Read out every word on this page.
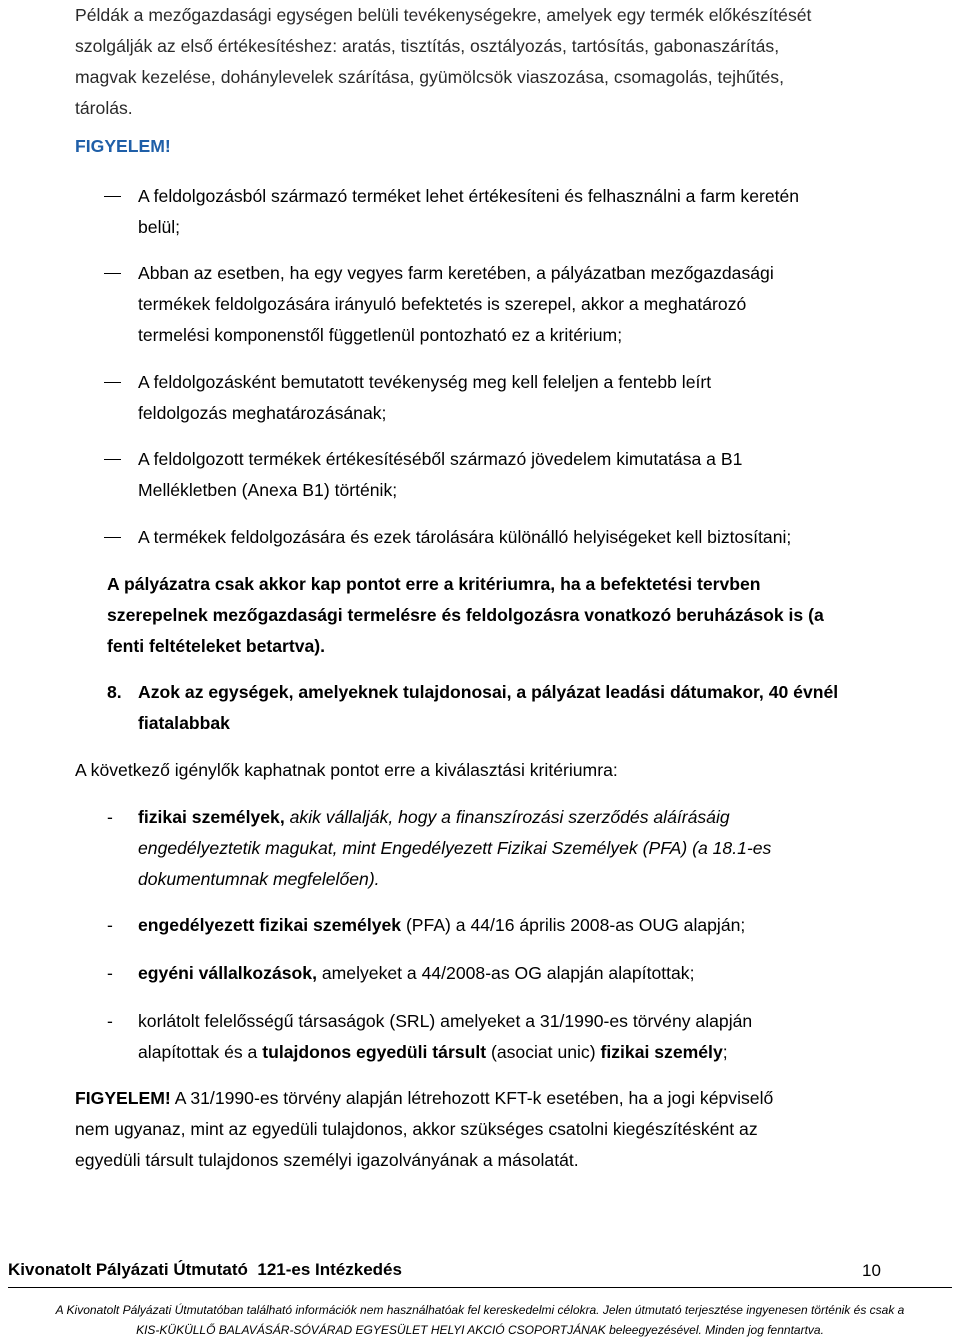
Példák a mezőgazdasági egységen belüli tevékenységekre, amelyek egy termék előkészítését
szolgálják az első értékesítéshez: aratás, tisztítás, osztályozás, tartósítás, gabonaszárítás,
magvak kezelése, dohánylevelek szárítása, gyümölcsök viaszozása, csomagolás, tejhűtés,
tárolás.
FIGYELEM!
A feldolgozásból származó terméket lehet értékesíteni és felhasználni a farm keretén
belül;
Abban az esetben, ha egy vegyes farm keretében, a pályázatban mezőgazdasági
termékek feldolgozására irányuló befektetés is szerepel, akkor a meghatározó
termelési komponenstől függetlenül pontozható ez a kritérium;
A feldolgozásként bemutatott tevékenység meg kell feleljen a fentebb leírt
feldolgozás meghatározásának;
A feldolgozott termékek értékesítéséből származó jövedelem kimutatása a B1
Mellékletben (Anexa B1) történik;
A termékek feldolgozására és ezek tárolására különálló helyiségeket kell biztosítani;
A pályázatra csak akkor kap pontot erre a kritériumra, ha a befektetési tervben
szerepelnek mezőgazdasági termelésre és feldolgozásra vonatkozó beruházások is (a
fenti feltételeket betartva).
8. Azok az egységek, amelyeknek tulajdonosai, a pályázat leadási dátumakor, 40 évnél
fiatalabbak
A következő igénylők kaphatnak pontot erre a kiválasztási kritériumra:
- fizikai személyek, akik vállalják, hogy a finanszírozási szerződés aláírásáig
engedélyeztetik magukat, mint Engedélyezett Fizikai Személyek (PFA) (a 18.1-es
dokumentumnak megfelelően).
- engedélyezett fizikai személyek (PFA) a 44/16 április 2008-as OUG alapján;
- egyéni vállalkozások, amelyeket a 44/2008-as OG alapján alapítottak;
- korlátolt felelősségű társaságok (SRL) amelyeket a 31/1990-es törvény alapján
alapítottak és a tulajdonos egyedüli társult (asociat unic) fizikai személy;
FIGYELEM! A 31/1990-es törvény alapján létrehozott KFT-k esetében, ha a jogi képviselő
nem ugyanaz, mint az egyedüli tulajdonos, akkor szükséges csatolni kiegészítésként az
egyedüli társult tulajdonos személyi igazolványának a másolatát.
Kivonatolt Pályázati Útmutató  121-es Intézkedés	10
A Kivonatolt Pályázati Útmutatóban található információk nem használhatóak fel kereskedelmi célokra. Jelen útmutató terjesztése ingyenesen történik és csak a
KIS-KÜKÜLLŐ BALAVÁSÁR-SÓVÁRAD EGYESÜLET HELYI AKCIÓ CSOPORTJÁNAK beleegyezésével. Minden jog fenntartva.
